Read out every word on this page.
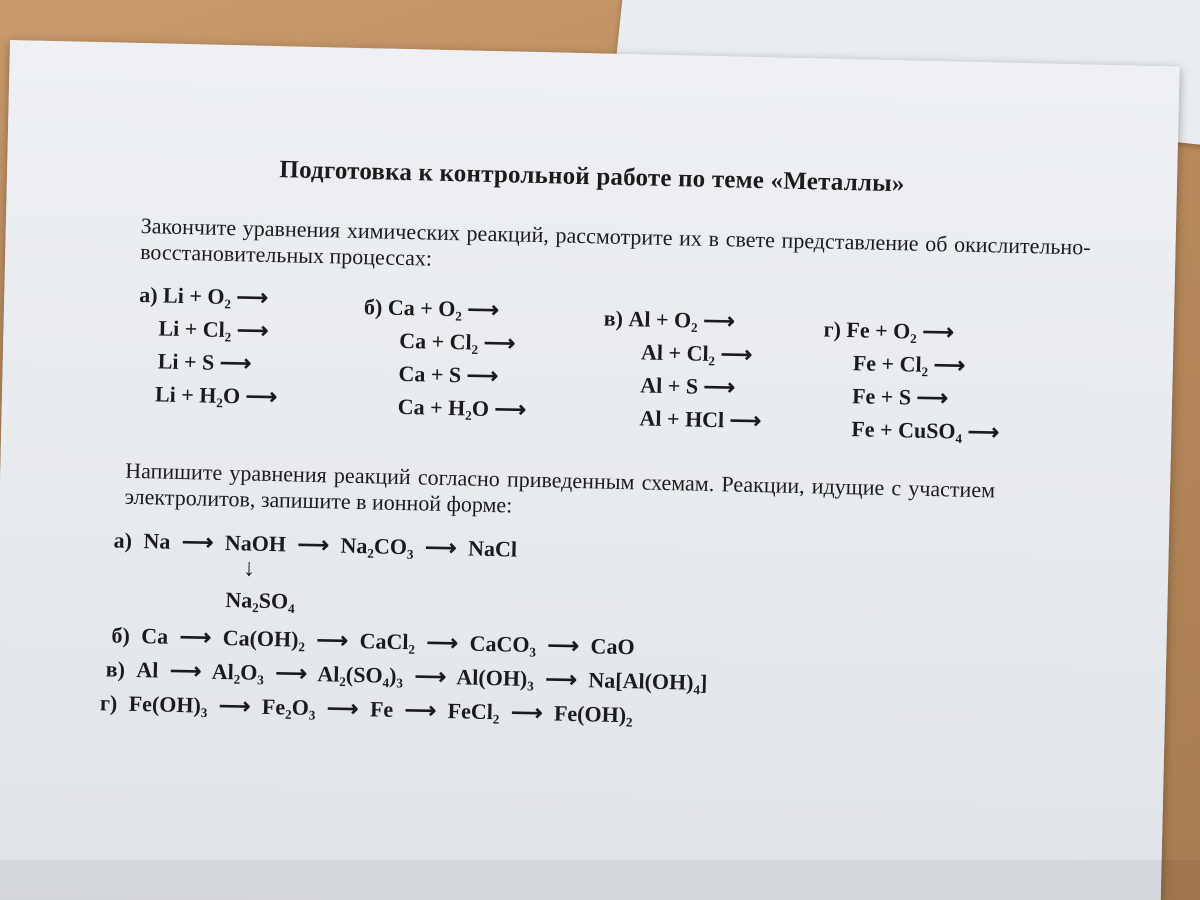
Подготовка к контрольной работе по теме «Металлы»
Закончите уравнения химических реакций, рассмотрите их в свете представление об окислительно-восстановительных процессах:
а) Li + O₂ ⟶
Li + Cl₂ ⟶
Li + S ⟶
Li + H₂O ⟶
б) Ca + O₂ ⟶
Ca + Cl₂ ⟶
Ca + S ⟶
Ca + H₂O ⟶
в) Al + O₂ ⟶
Al + Cl₂ ⟶
Al + S ⟶
Al + HCl ⟶
г) Fe + O₂ ⟶
Fe + Cl₂ ⟶
Fe + S ⟶
Fe + CuSO₄ ⟶
Напишите уравнения реакций согласно приведенным схемам. Реакции, идущие с участием электролитов, запишите в ионной форме:
а) Na ⟶ NaOH ⟶ Na₂CO₃ ⟶ NaCl
↓
Na₂SO₄
б) Ca ⟶ Ca(OH)₂ ⟶ CaCl₂ ⟶ CaCO₃ ⟶ CaO
в) Al ⟶ Al₂O₃ ⟶ Al₂(SO₄)₃ ⟶ Al(OH)₃ ⟶ Na[Al(OH)₄]
г) Fe(OH)₃ ⟶ Fe₂O₃ ⟶ Fe ⟶ FeCl₂ ⟶ Fe(OH)₂
